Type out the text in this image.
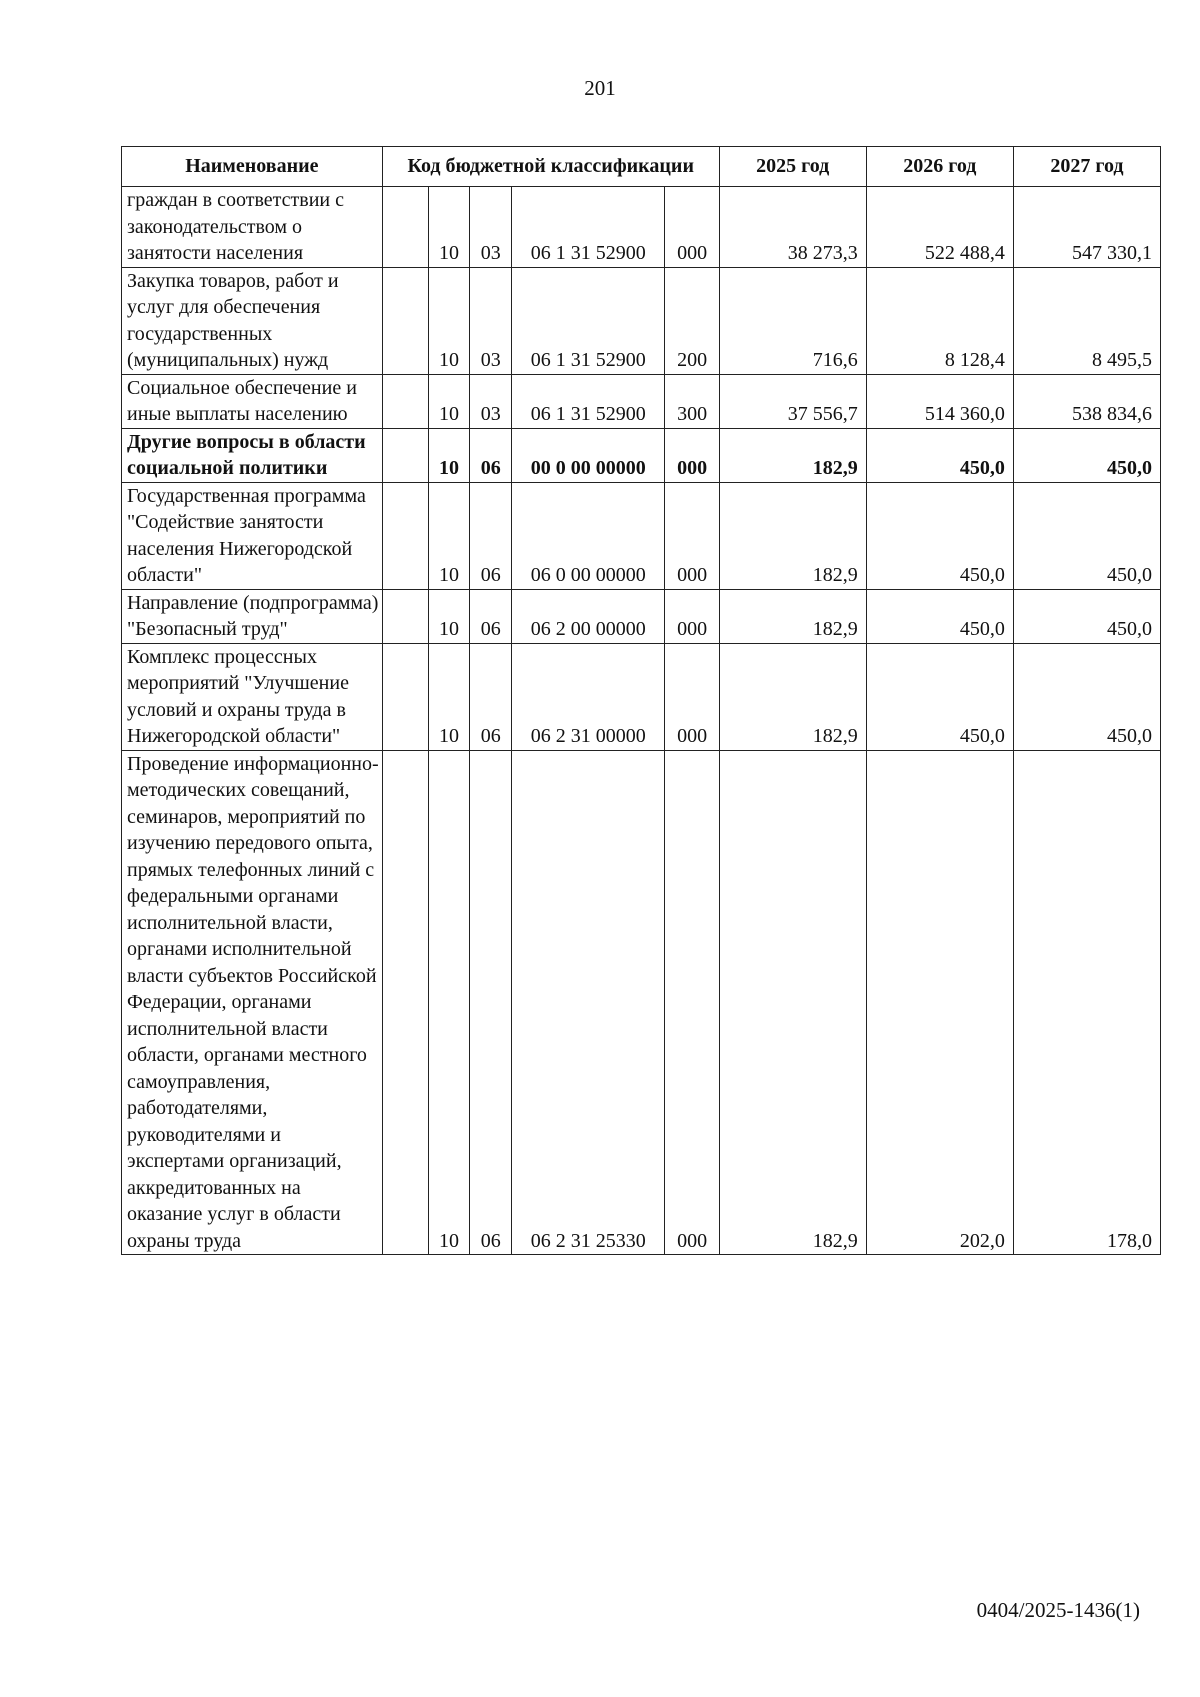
201
Наименование	Код бюджетной классификации					2025 год	2026 год	2027 год
граждан в соответствии с законодательством о занятости населения		10	03	06 1 31 52900	000	38 273,3	522 488,4	547 330,1
Закупка товаров, работ и услуг для обеспечения государственных (муниципальных) нужд		10	03	06 1 31 52900	200	716,6	8 128,4	8 495,5
Социальное обеспечение и иные выплаты населению		10	03	06 1 31 52900	300	37 556,7	514 360,0	538 834,6
Другие вопросы в области социальной политики		10	06	00 0 00 00000	000	182,9	450,0	450,0
Государственная программа "Содействие занятости населения Нижегородской области"		10	06	06 0 00 00000	000	182,9	450,0	450,0
Направление (подпрограмма) "Безопасный труд"		10	06	06 2 00 00000	000	182,9	450,0	450,0
Комплекс процессных мероприятий "Улучшение условий и охраны труда в Нижегородской области"		10	06	06 2 31 00000	000	182,9	450,0	450,0
Проведение информационно-методических совещаний, семинаров, мероприятий по изучению передового опыта, прямых телефонных линий с федеральными органами исполнительной власти, органами исполнительной власти субъектов Российской Федерации, органами исполнительной власти области, органами местного самоуправления, работодателями, руководителями и экспертами организаций, аккредитованных на оказание услуг в области охраны труда		10	06	06 2 31 25330	000	182,9	202,0	178,0
0404/2025-1436(1)
